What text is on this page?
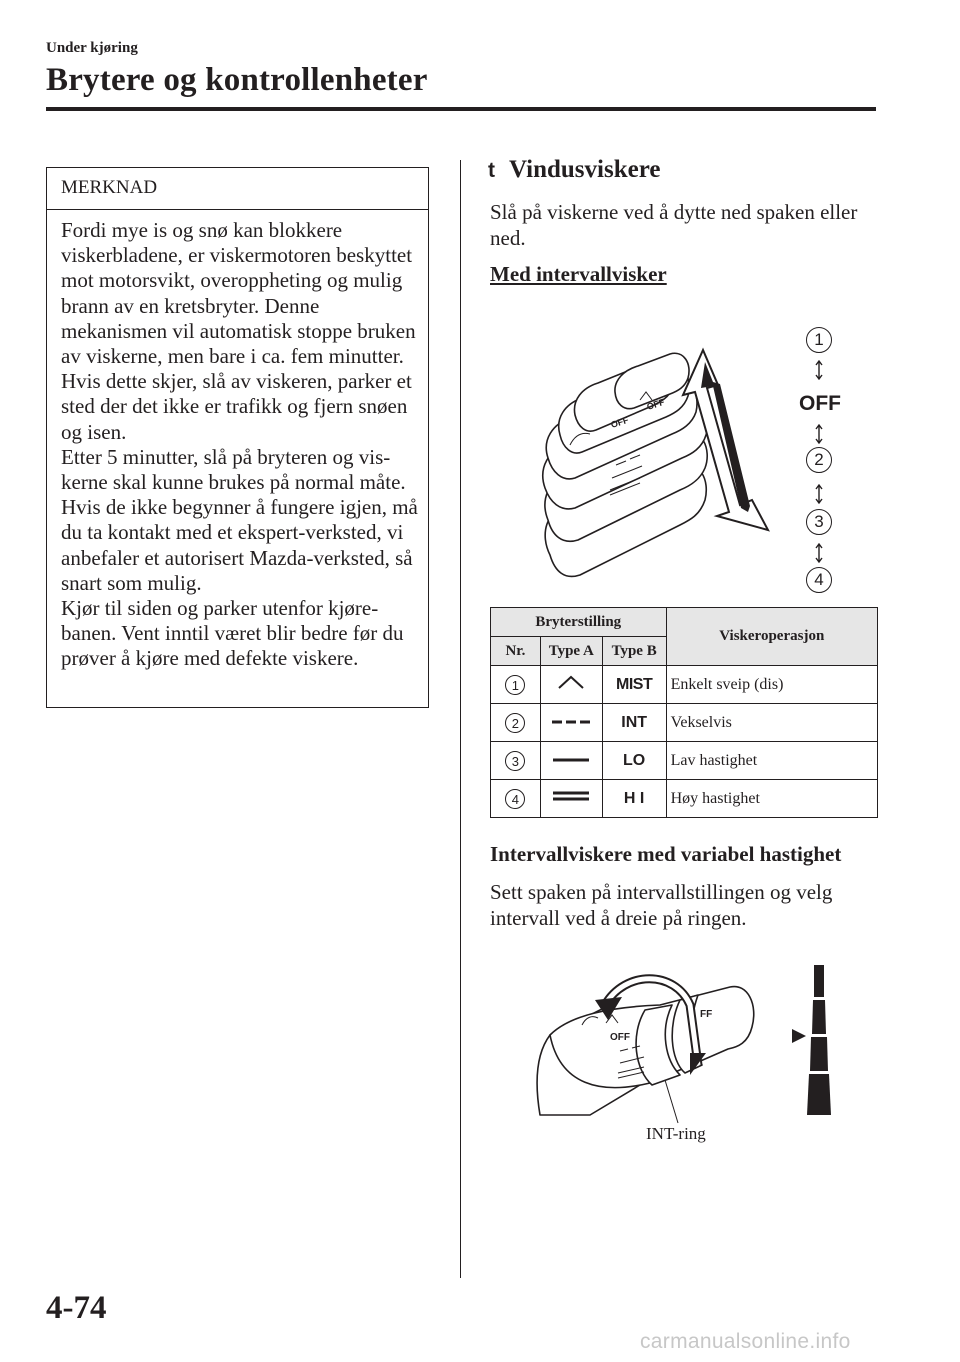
Under kjøring
Brytere og kontrollenheter
MERKNAD

Fordi mye is og snø kan blokkere viskerbladene, er viskermotoren beskyttet mot motorsvikt, overoppheting og mulig brann av en kretsbryter. Denne mekanismen vil automatisk stoppe bruken av viskerne, men bare i ca. fem minutter.

Hvis dette skjer, slå av viskeren, parker et sted der det ikke er trafikk og fjern snøen og isen.

Etter 5 minutter, slå på bryteren og vis-kerne skal kunne brukes på normal måte. Hvis de ikke begynner å fungere igjen, må du ta kontakt med et ekspert-verksted, vi anbefaler et autorisert Mazda-verksted, så snart som mulig.

Kjør til siden og parker utenfor kjøre-banen. Vent inntil været blir bedre før du prøver å kjøre med defekte viskere.

t Vindusviskere
Slå på viskerne ved å dytte ned spaken eller ned.
Med intervallvisker
OFF
OFF
1
OFF
2
3
4
Bryterstilling			Viskeroperasjon
Nr.	Type A	Type B	
1		MIST	Enkelt sveip (dis)
2		INT	Vekselvis
3		LO	Lav hastighet
4		H I	Høy hastighet
Intervallviskere med variabel hastighet
Sett spaken på intervallstillingen og velg intervall ved å dreie på ringen.
OFF
FF
INT-ring
4-74
carmanualsonline.info
